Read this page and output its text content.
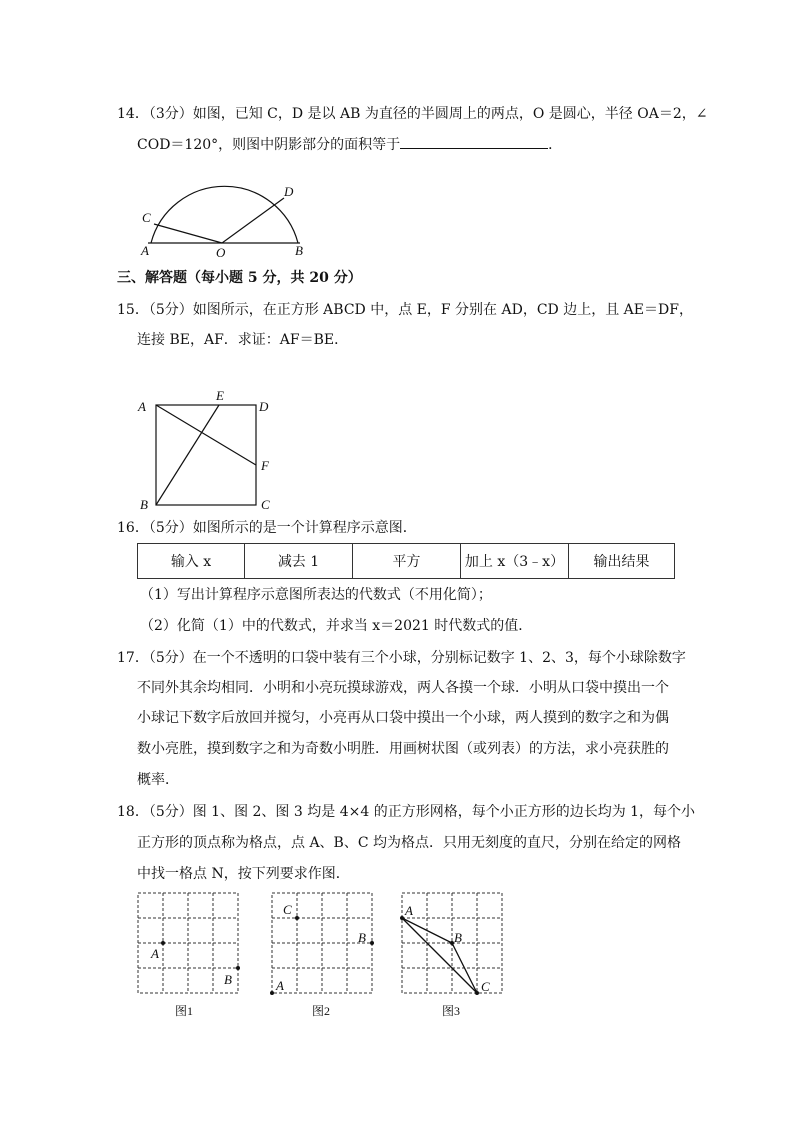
14．（3分）如图，已知 C，D 是以 AB 为直径的半圆周上的两点，O 是圆心，半径 OA＝2，∠
COD＝120°，则图中阴影部分的面积等于	．
A	B
C
D
O
三、解答题（每小题 5 分，共 20 分）
15．（5分）如图所示，在正方形 ABCD 中，点 E，F 分别在 AD，CD 边上，且 AE＝DF，
连接 BE，AF．求证：AF＝BE．
A
E
D
F
B	C
16．（5分）如图所示的是一个计算程序示意图．
输入 x	减去 1	平方	加上 x（3﹣x）	输出结果
（1）写出计算程序示意图所表达的代数式（不用化简）；
（2）化简（1）中的代数式，并求当 x＝2021 时代数式的值．
17．（5分）在一个不透明的口袋中装有三个小球，分别标记数字 1、2、3，每个小球除数字
不同外其余均相同．小明和小亮玩摸球游戏，两人各摸一个球．小明从口袋中摸出一个
小球记下数字后放回并搅匀，小亮再从口袋中摸出一个小球，两人摸到的数字之和为偶
数小亮胜，摸到数字之和为奇数小明胜．用画树状图（或列表）的方法，求小亮获胜的
概率．
18．（5分）图 1、图 2、图 3 均是 4×4 的正方形网格，每个小正方形的边长均为 1，每个小
正方形的顶点称为格点，点 A、B、C 均为格点．只用无刻度的直尺，分别在给定的网格
中找一格点 N，按下列要求作图．
A
B
图1
C
B
A
图2
A
B
C
图3
